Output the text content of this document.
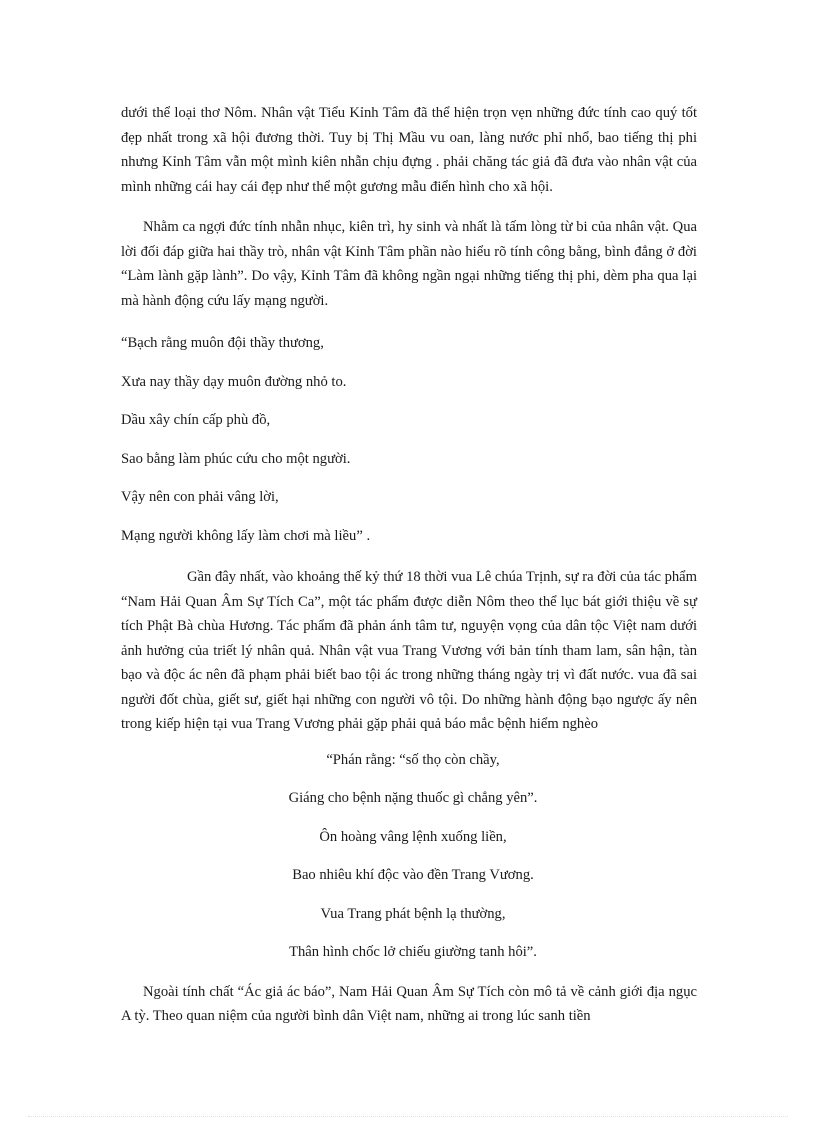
dưới thể loại thơ Nôm. Nhân vật Tiểu Kỉnh Tâm đã thể hiện trọn vẹn những đức tính cao quý tốt đẹp nhất trong xã hội đương thời. Tuy bị Thị Mầu vu oan, làng nước phỉ nhổ, bao tiếng thị phi nhưng Kỉnh Tâm vẫn một mình kiên nhẫn chịu đựng . phải chăng tác giả đã đưa vào nhân vật của mình những cái hay cái đẹp như thể một gương mẫu điển hình cho xã hội.

Nhằm ca ngợi đức tính nhẫn nhục, kiên trì, hy sinh và nhất là tấm lòng từ bi của nhân vật. Qua lời đối đáp giữa hai thầy trò, nhân vật Kỉnh Tâm phần nào hiểu rõ tính công bằng, bình đẳng ở đời “Làm lành gặp lành”. Do vậy, Kỉnh Tâm đã không ngần ngại những tiếng thị phi, dèm pha qua lại mà hành động cứu lấy mạng người.

“Bạch rằng muôn đội thầy thương,

Xưa nay thầy dạy muôn đường nhỏ to.

Dầu xây chín cấp phù đồ,

Sao bằng làm phúc cứu cho một người.

Vậy nên con phải vâng lời,

Mạng người không lấy làm chơi mà liều” .

Gần đây nhất, vào khoảng thế kỷ thứ 18 thời vua Lê chúa Trịnh, sự ra đời của tác phẩm “Nam Hải Quan Âm Sự Tích Ca”, một tác phẩm được diễn Nôm theo thể lục bát giới thiệu về sự tích Phật Bà chùa Hương. Tác phẩm đã phản ánh tâm tư, nguyện vọng của dân tộc Việt nam dưới ảnh hưởng của triết lý nhân quả. Nhân vật vua Trang Vương với bản tính tham lam, sân hận, tàn bạo và độc ác nên đã phạm phải biết bao tội ác trong những tháng ngày trị vì đất nước. vua đã sai người đốt chùa, giết sư, giết hại những con người vô tội. Do những hành động bạo ngược ấy nên trong kiếp hiện tại vua Trang Vương phải gặp phải quả báo mắc bệnh hiểm nghèo

“Phán rằng: “số thọ còn chầy,

Giáng cho bệnh nặng thuốc gì chẳng yên”.

Ôn hoàng vâng lệnh xuống liền,

Bao nhiêu khí độc vào đền Trang Vương.

Vua Trang phát bệnh lạ thường,

Thân hình chốc lở chiếu giường tanh hôi”.

Ngoài tính chất “Ác giả ác báo”, Nam Hải Quan Âm Sự Tích còn mô tả về cảnh giới địa ngục A tỳ. Theo quan niệm của người bình dân Việt nam, những ai trong lúc sanh tiền
